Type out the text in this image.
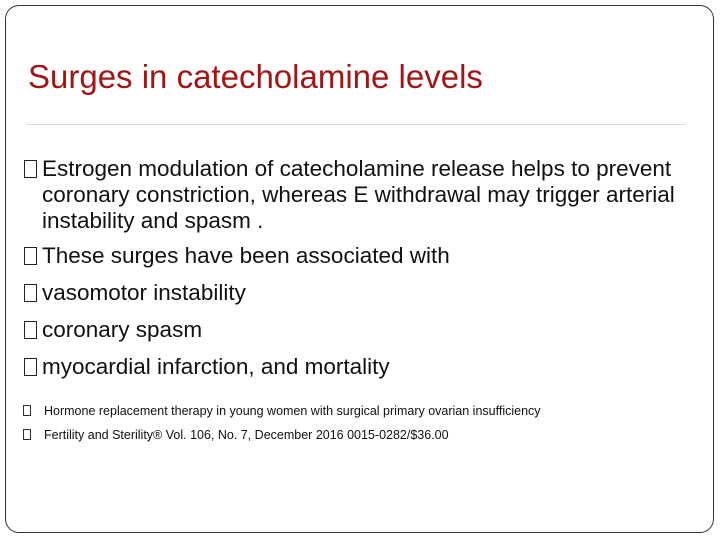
Surges in catecholamine levels
Estrogen modulation of catecholamine release helps to prevent coronary constriction, whereas E withdrawal may trigger arterial instability and spasm .
These surges have been associated with
vasomotor instability
coronary spasm
myocardial infarction, and mortality
Hormone replacement therapy in young women with surgical primary ovarian insufficiency
Fertility and Sterility® Vol. 106, No. 7, December 2016 0015-0282/$36.00
